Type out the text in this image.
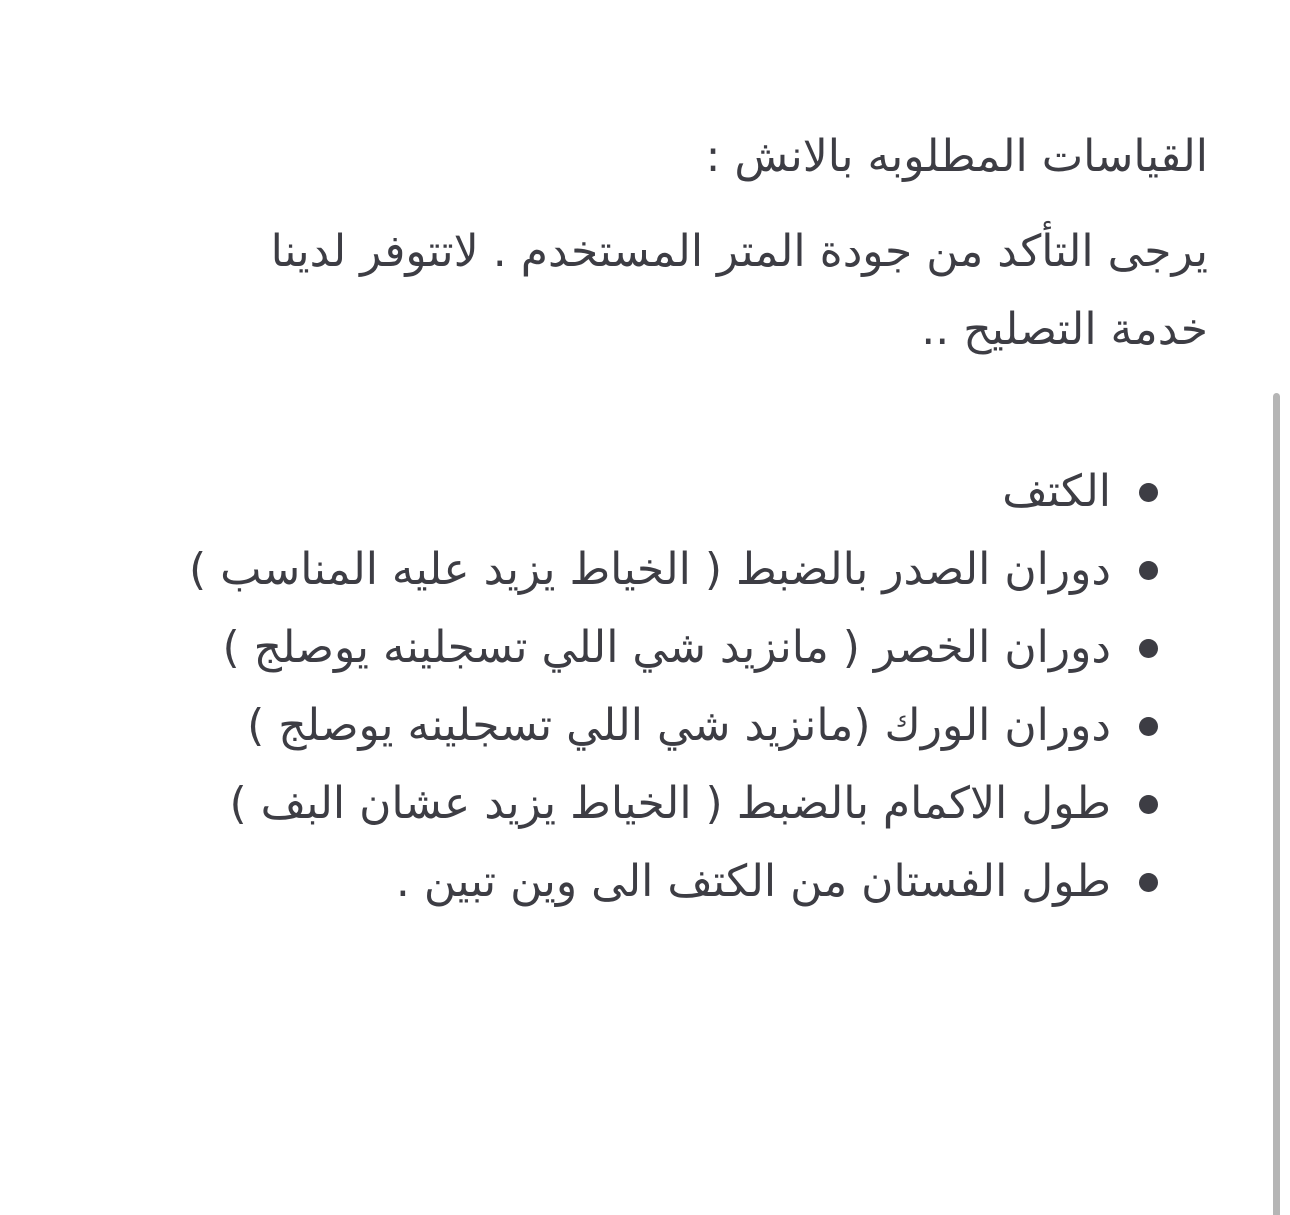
القياسات المطلوبه بالانش :

يرجى التأكد من جودة المتر المستخدم . لاتتوفر لدينا
خدمة التصليح ..
الكتف
دوران الصدر بالضبط ( الخياط يزيد عليه المناسب )
دوران الخصر ( مانزيد شي اللي تسجلينه يوصلج )
دوران الورك (مانزيد شي اللي تسجلينه يوصلج )
طول الاكمام بالضبط ( الخياط يزيد عشان البف )
طول الفستان من الكتف الى وين تبين .
